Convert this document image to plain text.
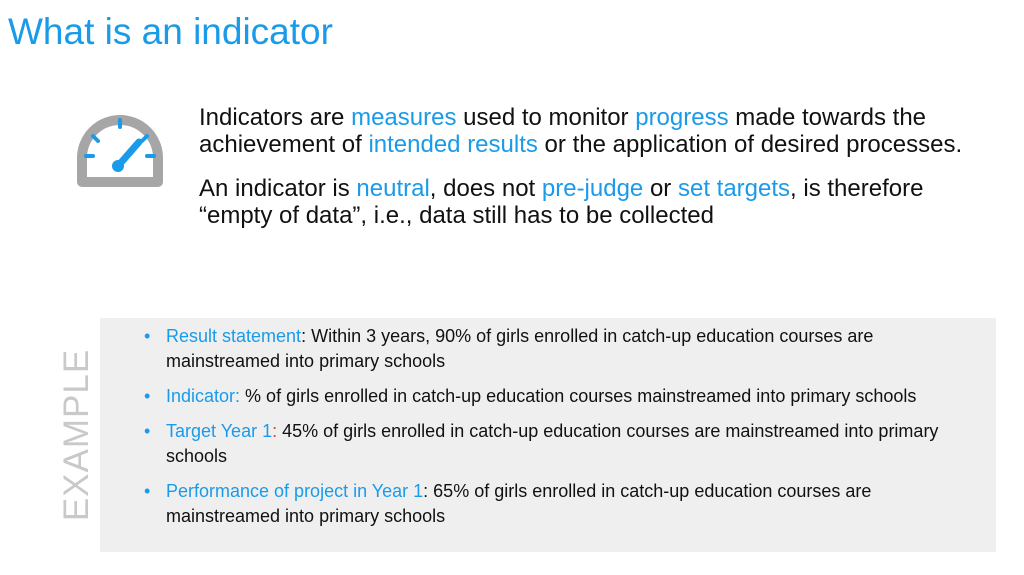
What is an indicator

Indicators are measures used to monitor progress made towards the achievement of intended results or the application of desired processes.

An indicator is neutral, does not pre-judge or set targets, is therefore “empty of data”, i.e., data still has to be collected

EXAMPLE
• Result statement: Within 3 years, 90% of girls enrolled in catch-up education courses are mainstreamed into primary schools
• Indicator: % of girls enrolled in catch-up education courses mainstreamed into primary schools
• Target Year 1: 45% of girls enrolled in catch-up education courses are mainstreamed into primary schools
• Performance of project in Year 1: 65% of girls enrolled in catch-up education courses are mainstreamed into primary schools
